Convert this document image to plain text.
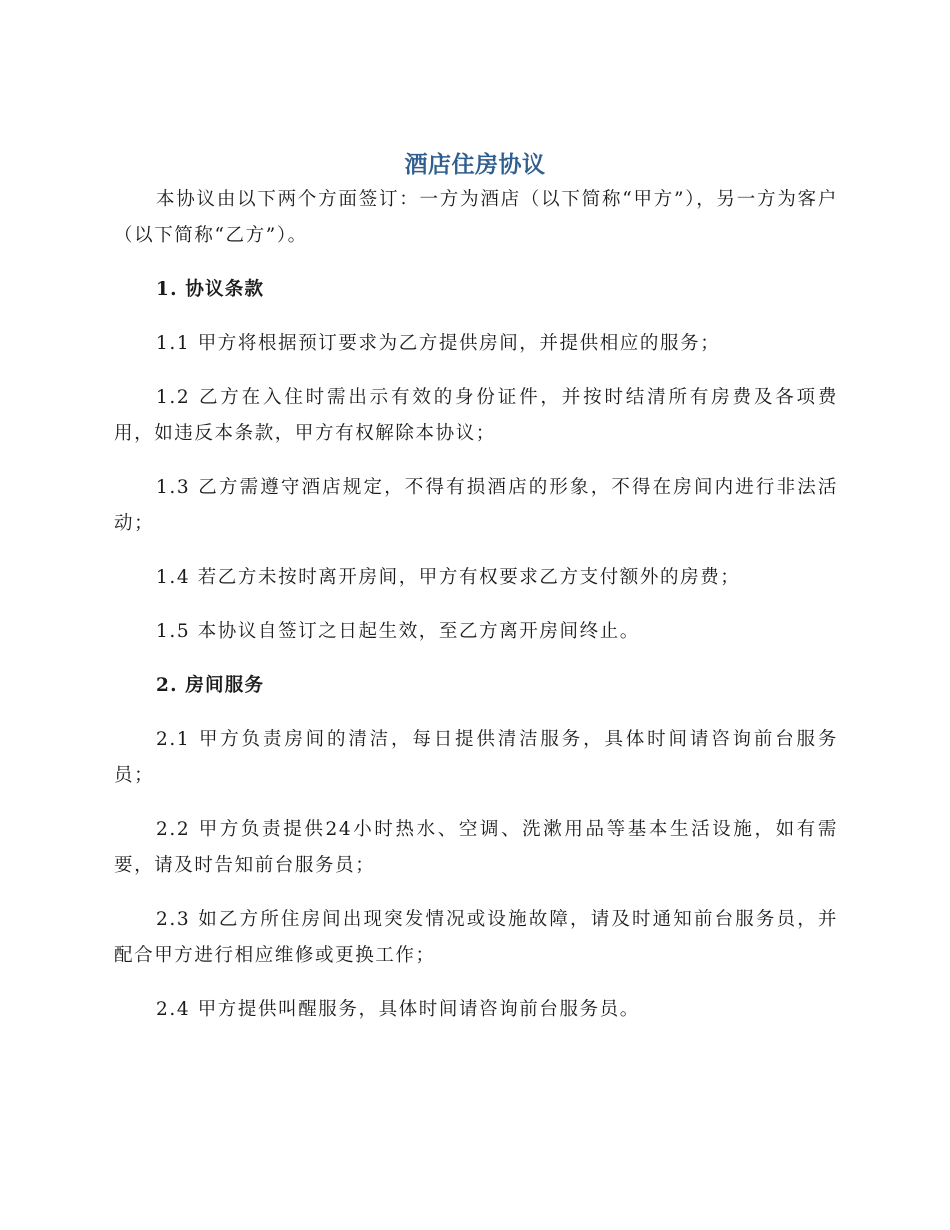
酒店住房协议

本协议由以下两个方面签订：一方为酒店（以下简称“甲方”），另一方为客户（以下简称“乙方”）。

1. 协议条款

1.1 甲方将根据预订要求为乙方提供房间，并提供相应的服务；

1.2 乙方在入住时需出示有效的身份证件，并按时结清所有房费及各项费用，如违反本条款，甲方有权解除本协议；

1.3 乙方需遵守酒店规定，不得有损酒店的形象，不得在房间内进行非法活动；

1.4 若乙方未按时离开房间，甲方有权要求乙方支付额外的房费；

1.5 本协议自签订之日起生效，至乙方离开房间终止。

2. 房间服务

2.1 甲方负责房间的清洁，每日提供清洁服务，具体时间请咨询前台服务员；

2.2 甲方负责提供24小时热水、空调、洗漱用品等基本生活设施，如有需要，请及时告知前台服务员；

2.3 如乙方所住房间出现突发情况或设施故障，请及时通知前台服务员，并配合甲方进行相应维修或更换工作；

2.4 甲方提供叫醒服务，具体时间请咨询前台服务员。
